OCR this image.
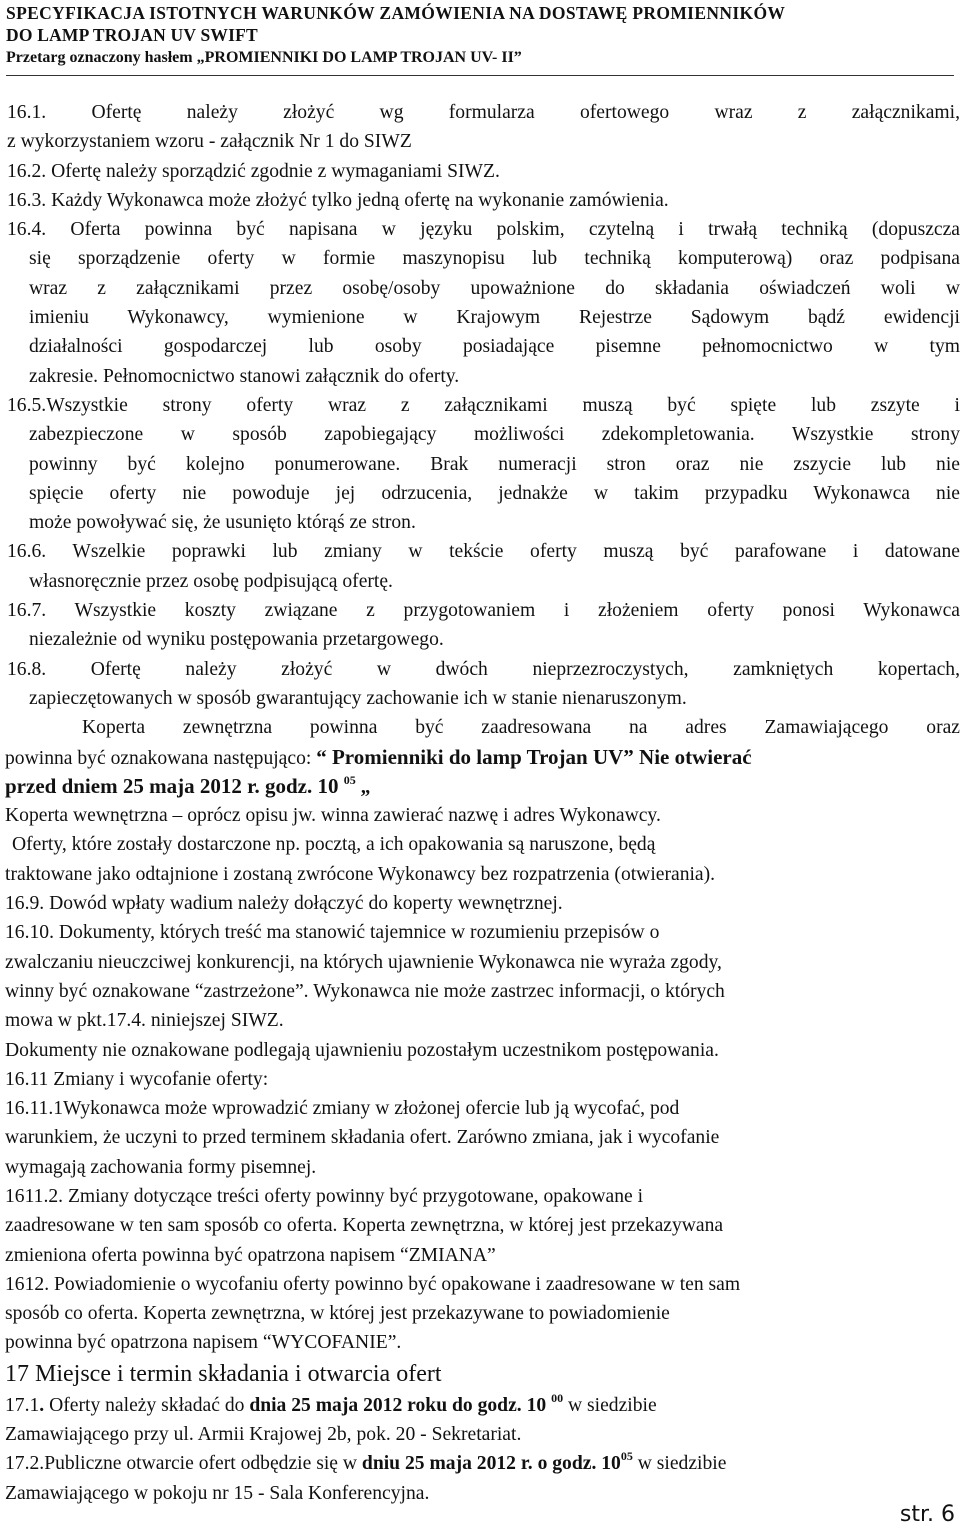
SPECYFIKACJA ISTOTNYCH WARUNKÓW ZAMÓWIENIA NA DOSTAWĘ PROMIENNIKÓW
DO LAMP TROJAN UV SWIFT
Przetarg oznaczony hasłem „PROMIENNIKI DO LAMP TROJAN UV- II”
16.1. Ofertę należy złożyć wg formularza ofertowego wraz z załącznikami,
z wykorzystaniem wzoru - załącznik Nr 1 do SIWZ
16.2. Ofertę należy sporządzić zgodnie z wymaganiami SIWZ.
16.3. Każdy Wykonawca może złożyć tylko jedną ofertę na wykonanie zamówienia.
16.4. Oferta powinna być napisana w języku polskim, czytelną i trwałą techniką (dopuszcza
się sporządzenie oferty w formie maszynopisu lub techniką komputerową) oraz podpisana
wraz z załącznikami przez osobę/osoby upoważnione do składania oświadczeń woli w
imieniu Wykonawcy, wymienione w Krajowym Rejestrze Sądowym bądź ewidencji
działalności gospodarczej lub osoby posiadające pisemne pełnomocnictwo w tym
zakresie. Pełnomocnictwo stanowi załącznik do oferty.
16.5.Wszystkie strony oferty wraz z załącznikami muszą być spięte lub zszyte i
zabezpieczone w sposób zapobiegający możliwości zdekompletowania. Wszystkie strony
powinny być kolejno ponumerowane. Brak numeracji stron oraz nie zszycie lub nie
spięcie oferty nie powoduje jej odrzucenia, jednakże w takim przypadku Wykonawca nie
może powoływać się, że usunięto którąś ze stron.
16.6. Wszelkie poprawki lub zmiany w tekście oferty muszą być parafowane i datowane
własnoręcznie przez osobę podpisującą ofertę.
16.7. Wszystkie koszty związane z przygotowaniem i złożeniem oferty ponosi Wykonawca
niezależnie od wyniku postępowania przetargowego.
16.8. Ofertę należy złożyć w dwóch nieprzezroczystych, zamkniętych kopertach,
zapieczętowanych w sposób gwarantujący zachowanie ich w stanie nienaruszonym.
Koperta zewnętrzna powinna być zaadresowana na adres Zamawiającego oraz
powinna być oznakowana następująco: “ Promienniki do lamp Trojan UV” Nie otwierać
przed dniem 25 maja 2012 r. godz. 10 $^{05}$ „
Koperta wewnętrzna – oprócz opisu jw. winna zawierać nazwę i adres Wykonawcy.
Oferty, które zostały dostarczone np. pocztą, a ich opakowania są naruszone, będą
traktowane jako odtajnione i zostaną zwrócone Wykonawcy bez rozpatrzenia (otwierania).
16.9. Dowód wpłaty wadium należy dołączyć do koperty wewnętrznej.
16.10. Dokumenty, których treść ma stanowić tajemnice w rozumieniu przepisów o
zwalczaniu nieuczciwej konkurencji, na których ujawnienie Wykonawca nie wyraża zgody,
winny być oznakowane “zastrzeżone”. Wykonawca nie może zastrzec informacji, o których
mowa w pkt.17.4. niniejszej SIWZ.
Dokumenty nie oznakowane podlegają ujawnieniu pozostałym uczestnikom postępowania.
16.11 Zmiany i wycofanie oferty:
16.11.1Wykonawca może wprowadzić zmiany w złożonej ofercie lub ją wycofać, pod
warunkiem, że uczyni to przed terminem składania ofert. Zarówno zmiana, jak i wycofanie
wymagają zachowania formy pisemnej.
1611.2. Zmiany dotyczące treści oferty powinny być przygotowane, opakowane i
zaadresowane w ten sam sposób co oferta. Koperta zewnętrzna, w której jest przekazywana
zmieniona oferta powinna być opatrzona napisem “ZMIANA”
1612. Powiadomienie o wycofaniu oferty powinno być opakowane i zaadresowane w ten sam
sposób co oferta. Koperta zewnętrzna, w której jest przekazywane to powiadomienie
powinna być opatrzona napisem “WYCOFANIE”.
17 Miejsce i termin składania i otwarcia ofert
17.1. Oferty należy składać do dnia 25 maja 2012 roku do godz. 10 $^{00}$ w siedzibie
Zamawiającego przy ul. Armii Krajowej 2b, pok. 20 - Sekretariat.
17.2.Publiczne otwarcie ofert odbędzie się w dniu 25 maja 2012 r. o godz. $10^{05}$ w siedzibie
Zamawiającego w pokoju nr 15 - Sala Konferencyjna.
str. 6
